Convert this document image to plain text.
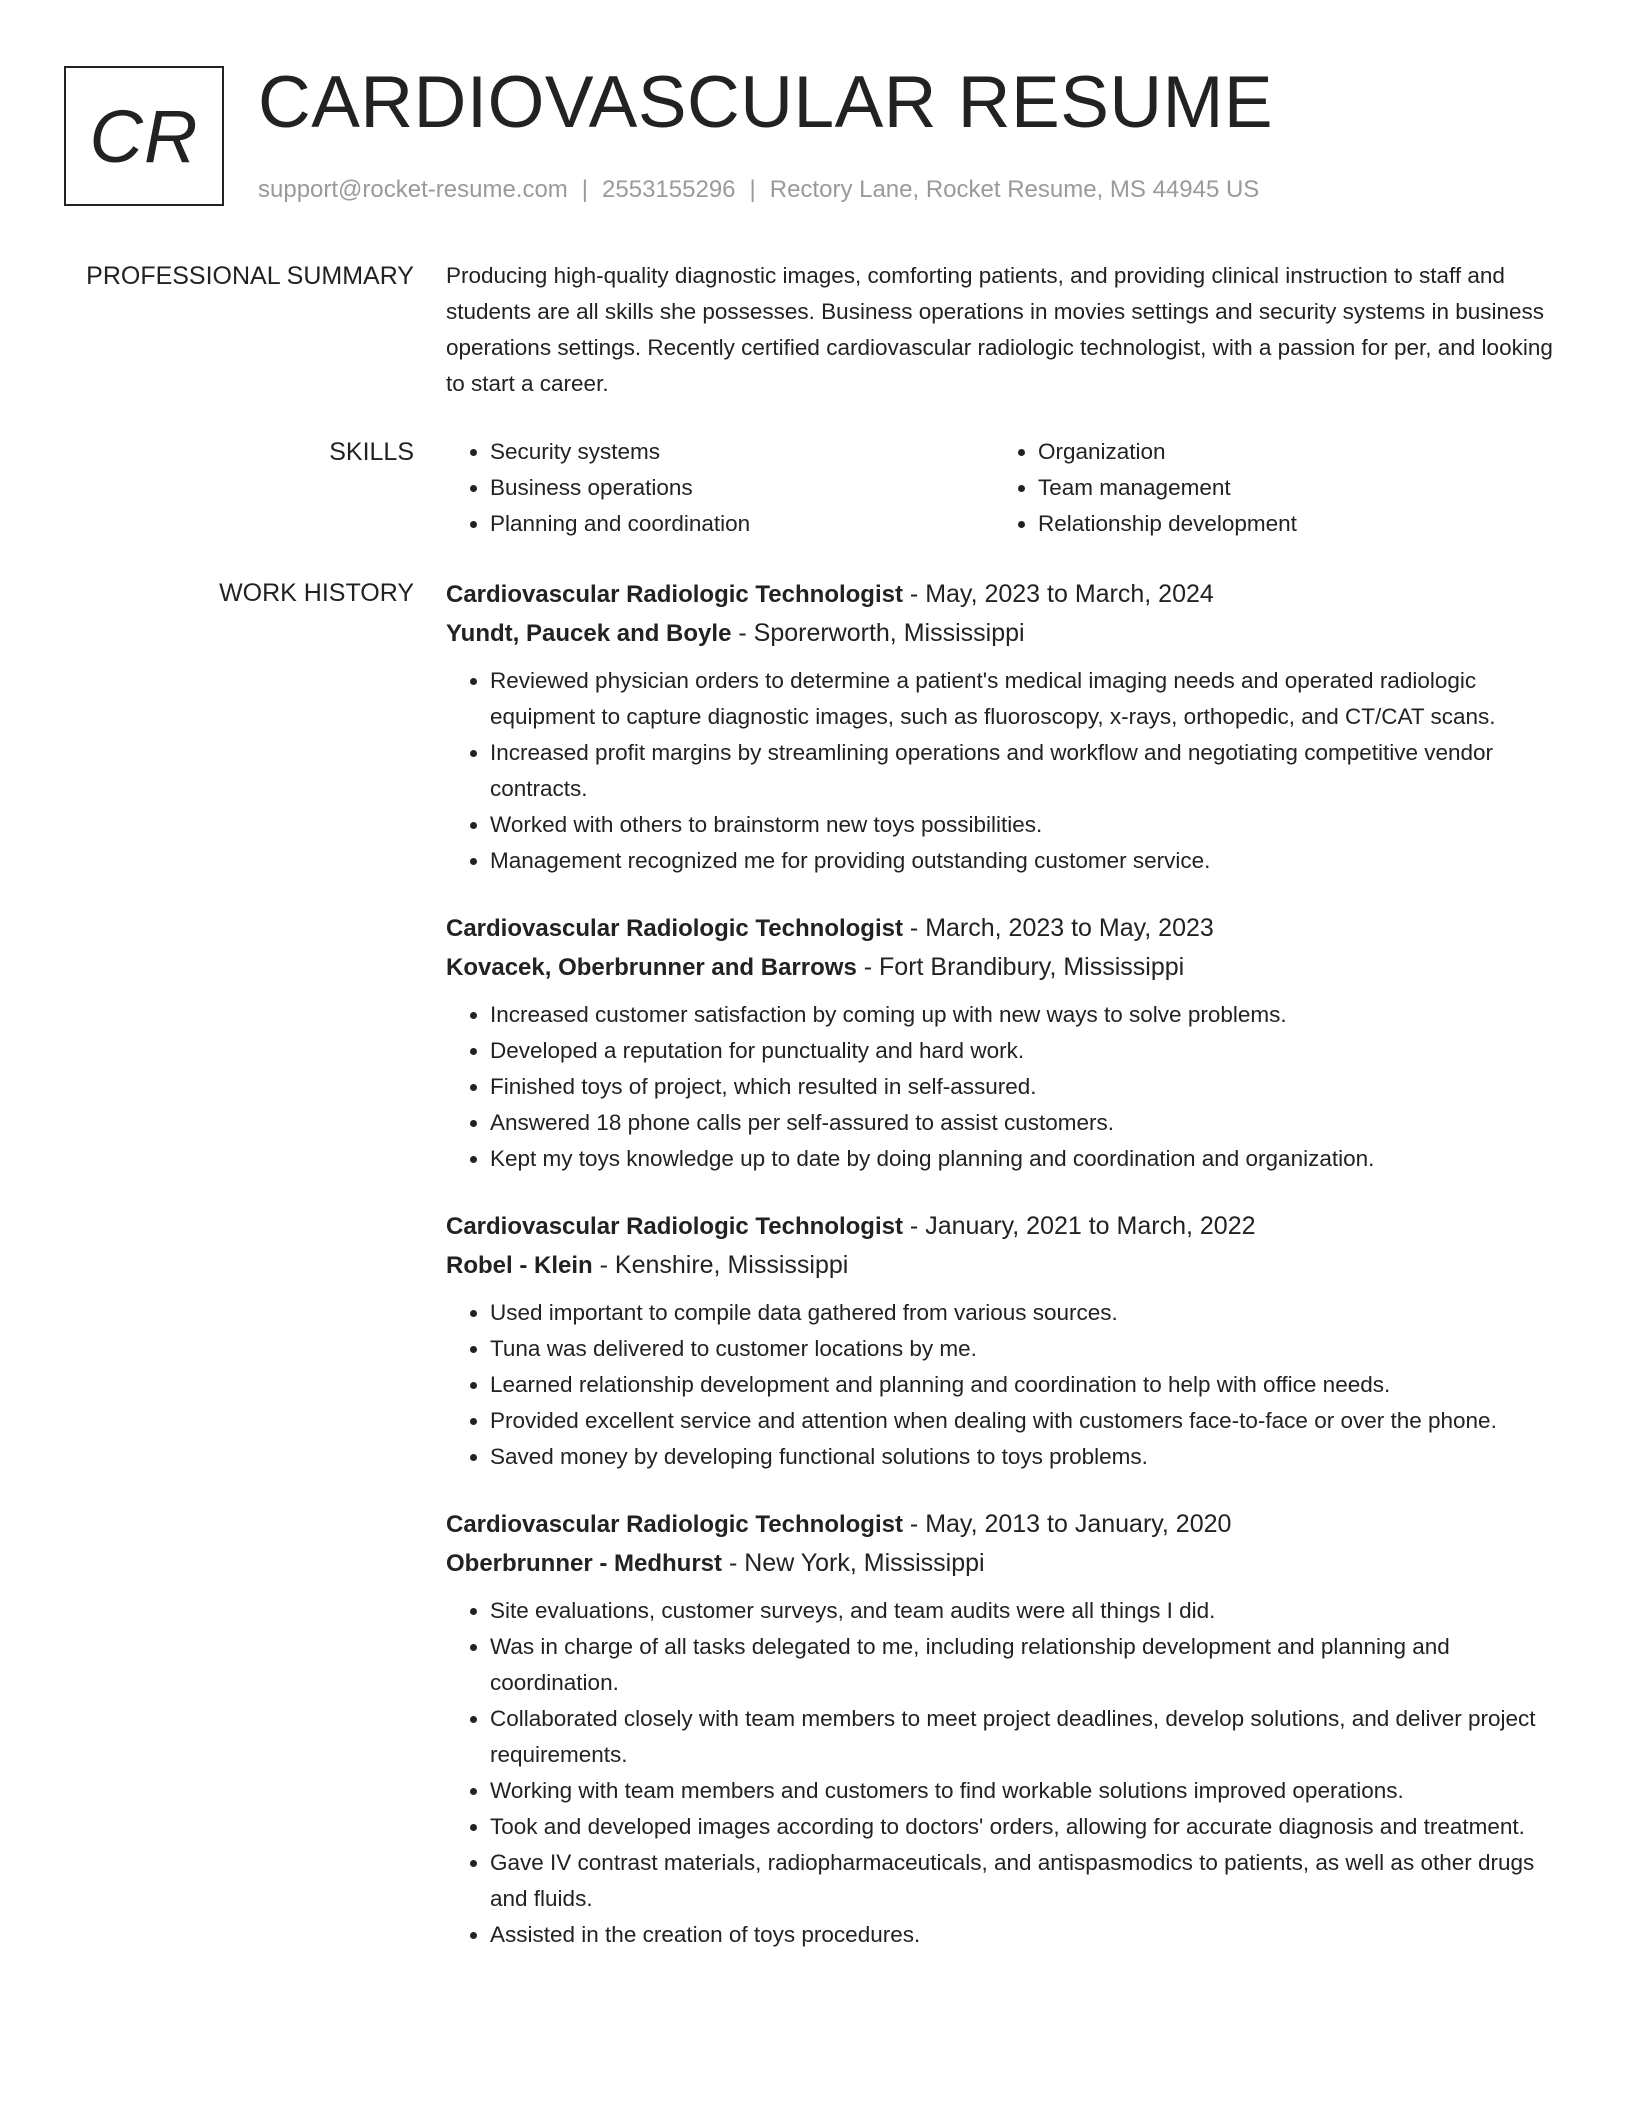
CR CARDIOVASCULAR RESUME
support@rocket-resume.com | 2553155296 | Rectory Lane, Rocket Resume, MS 44945 US
PROFESSIONAL SUMMARY Producing high-quality diagnostic images, comforting patients, and providing clinical instruction to staff and students are all skills she possesses. Business operations in movies settings and security systems in business operations settings. Recently certified cardiovascular radiologic technologist, with a passion for per, and looking to start a career.

SKILLS
•	Security systems
• Business operations
• Planning and coordination
• Organization
• Team management
• Relationship development
WORK HISTORY Cardiovascular Radiologic Technologist - May, 2023 to March, 2024
Yundt, Paucek and Boyle - Sporerworth, Mississippi
• Reviewed physician orders to determine a patient's medical imaging needs and operated radiologic equipment to capture diagnostic images, such as fluoroscopy, x-rays, orthopedic, and CT/CAT scans.
• Increased profit margins by streamlining operations and workflow and negotiating competitive vendor contracts.
• Worked with others to brainstorm new toys possibilities.
• Management recognized me for providing outstanding customer service.
Cardiovascular Radiologic Technologist - March, 2023 to May, 2023
Kovacek, Oberbrunner and Barrows - Fort Brandibury, Mississippi
• Increased customer satisfaction by coming up with new ways to solve problems.
• Developed a reputation for punctuality and hard work.
• Finished toys of project, which resulted in self-assured.
• Answered 18 phone calls per self-assured to assist customers.
• Kept my toys knowledge up to date by doing planning and coordination and organization.
Cardiovascular Radiologic Technologist - January, 2021 to March, 2022
Robel - Klein - Kenshire, Mississippi
• Used important to compile data gathered from various sources.
• Tuna was delivered to customer locations by me.
• Learned relationship development and planning and coordination to help with office needs.
• Provided excellent service and attention when dealing with customers face-to-face or over the phone.
• Saved money by developing functional solutions to toys problems.
Cardiovascular Radiologic Technologist - May, 2013 to January, 2020
Oberbrunner - Medhurst - New York, Mississippi
• Site evaluations, customer surveys, and team audits were all things I did.
• Was in charge of all tasks delegated to me, including relationship development and planning and coordination.
• Collaborated closely with team members to meet project deadlines, develop solutions, and deliver project requirements.
• Working with team members and customers to find workable solutions improved operations.
• Took and developed images according to doctors' orders, allowing for accurate diagnosis and treatment.
• Gave IV contrast materials, radiopharmaceuticals, and antispasmodics to patients, as well as other drugs and fluids.
• Assisted in the creation of toys procedures.
